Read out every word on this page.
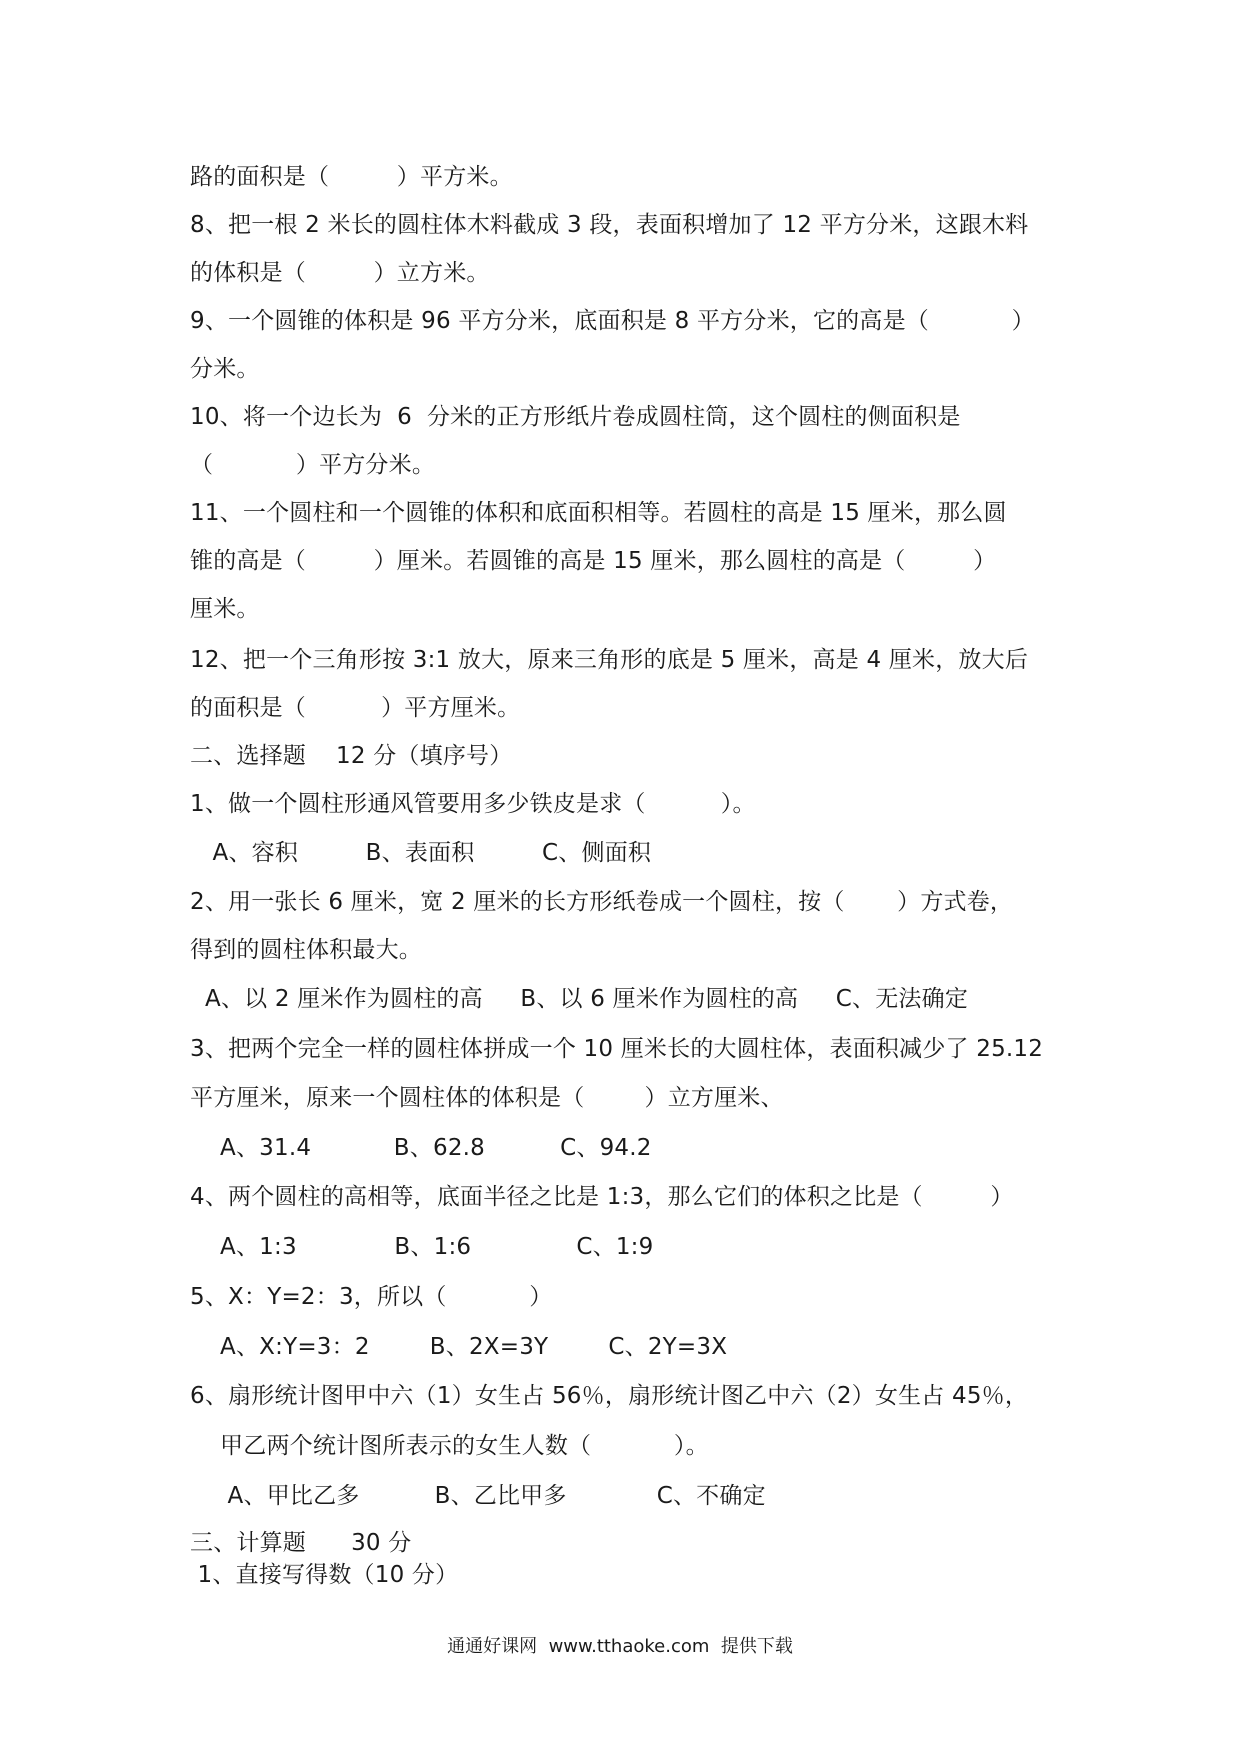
路的面积是（         ）平方米。
8、把一根 2 米长的圆柱体木料截成 3 段，表面积增加了 12 平方分米，这跟木料
的体积是（         ）立方米。
9、一个圆锥的体积是 96 平方分米，底面积是 8 平方分米，它的高是（           ）
分米。
10、将一个边长为  6  分米的正方形纸片卷成圆柱筒，这个圆柱的侧面积是
（           ）平方分米。
11、一个圆柱和一个圆锥的体积和底面积相等。若圆柱的高是 15 厘米，那么圆
锥的高是（         ）厘米。若圆锥的高是 15 厘米，那么圆柱的高是（         ）
厘米。
12、把一个三角形按 3:1 放大，原来三角形的底是 5 厘米，高是 4 厘米，放大后
的面积是（          ）平方厘米。
二、选择题    12 分（填序号）
1、做一个圆柱形通风管要用多少铁皮是求（          ）。
A、容积         B、表面积         C、侧面积
2、用一张长 6 厘米，宽 2 厘米的长方形纸卷成一个圆柱，按（       ）方式卷，
得到的圆柱体积最大。
A、以 2 厘米作为圆柱的高     B、以 6 厘米作为圆柱的高     C、无法确定
3、把两个完全一样的圆柱体拼成一个 10 厘米长的大圆柱体，表面积减少了 25.12
平方厘米，原来一个圆柱体的体积是（        ）立方厘米、
A、31.4           B、62.8          C、94.2
4、两个圆柱的高相等，底面半径之比是 1:3，那么它们的体积之比是（         ）
A、1:3             B、1:6              C、1:9
5、X：Y=2：3，所以（           ）
A、X:Y=3：2        B、2X=3Y        C、2Y=3X
6、扇形统计图甲中六（1）女生占 56％，扇形统计图乙中六（2）女生占 45％，
甲乙两个统计图所表示的女生人数（           ）。
A、甲比乙多          B、乙比甲多            C、不确定
三、计算题      30 分
1、直接写得数（10 分）
通通好课网  www.tthaoke.com  提供下载
